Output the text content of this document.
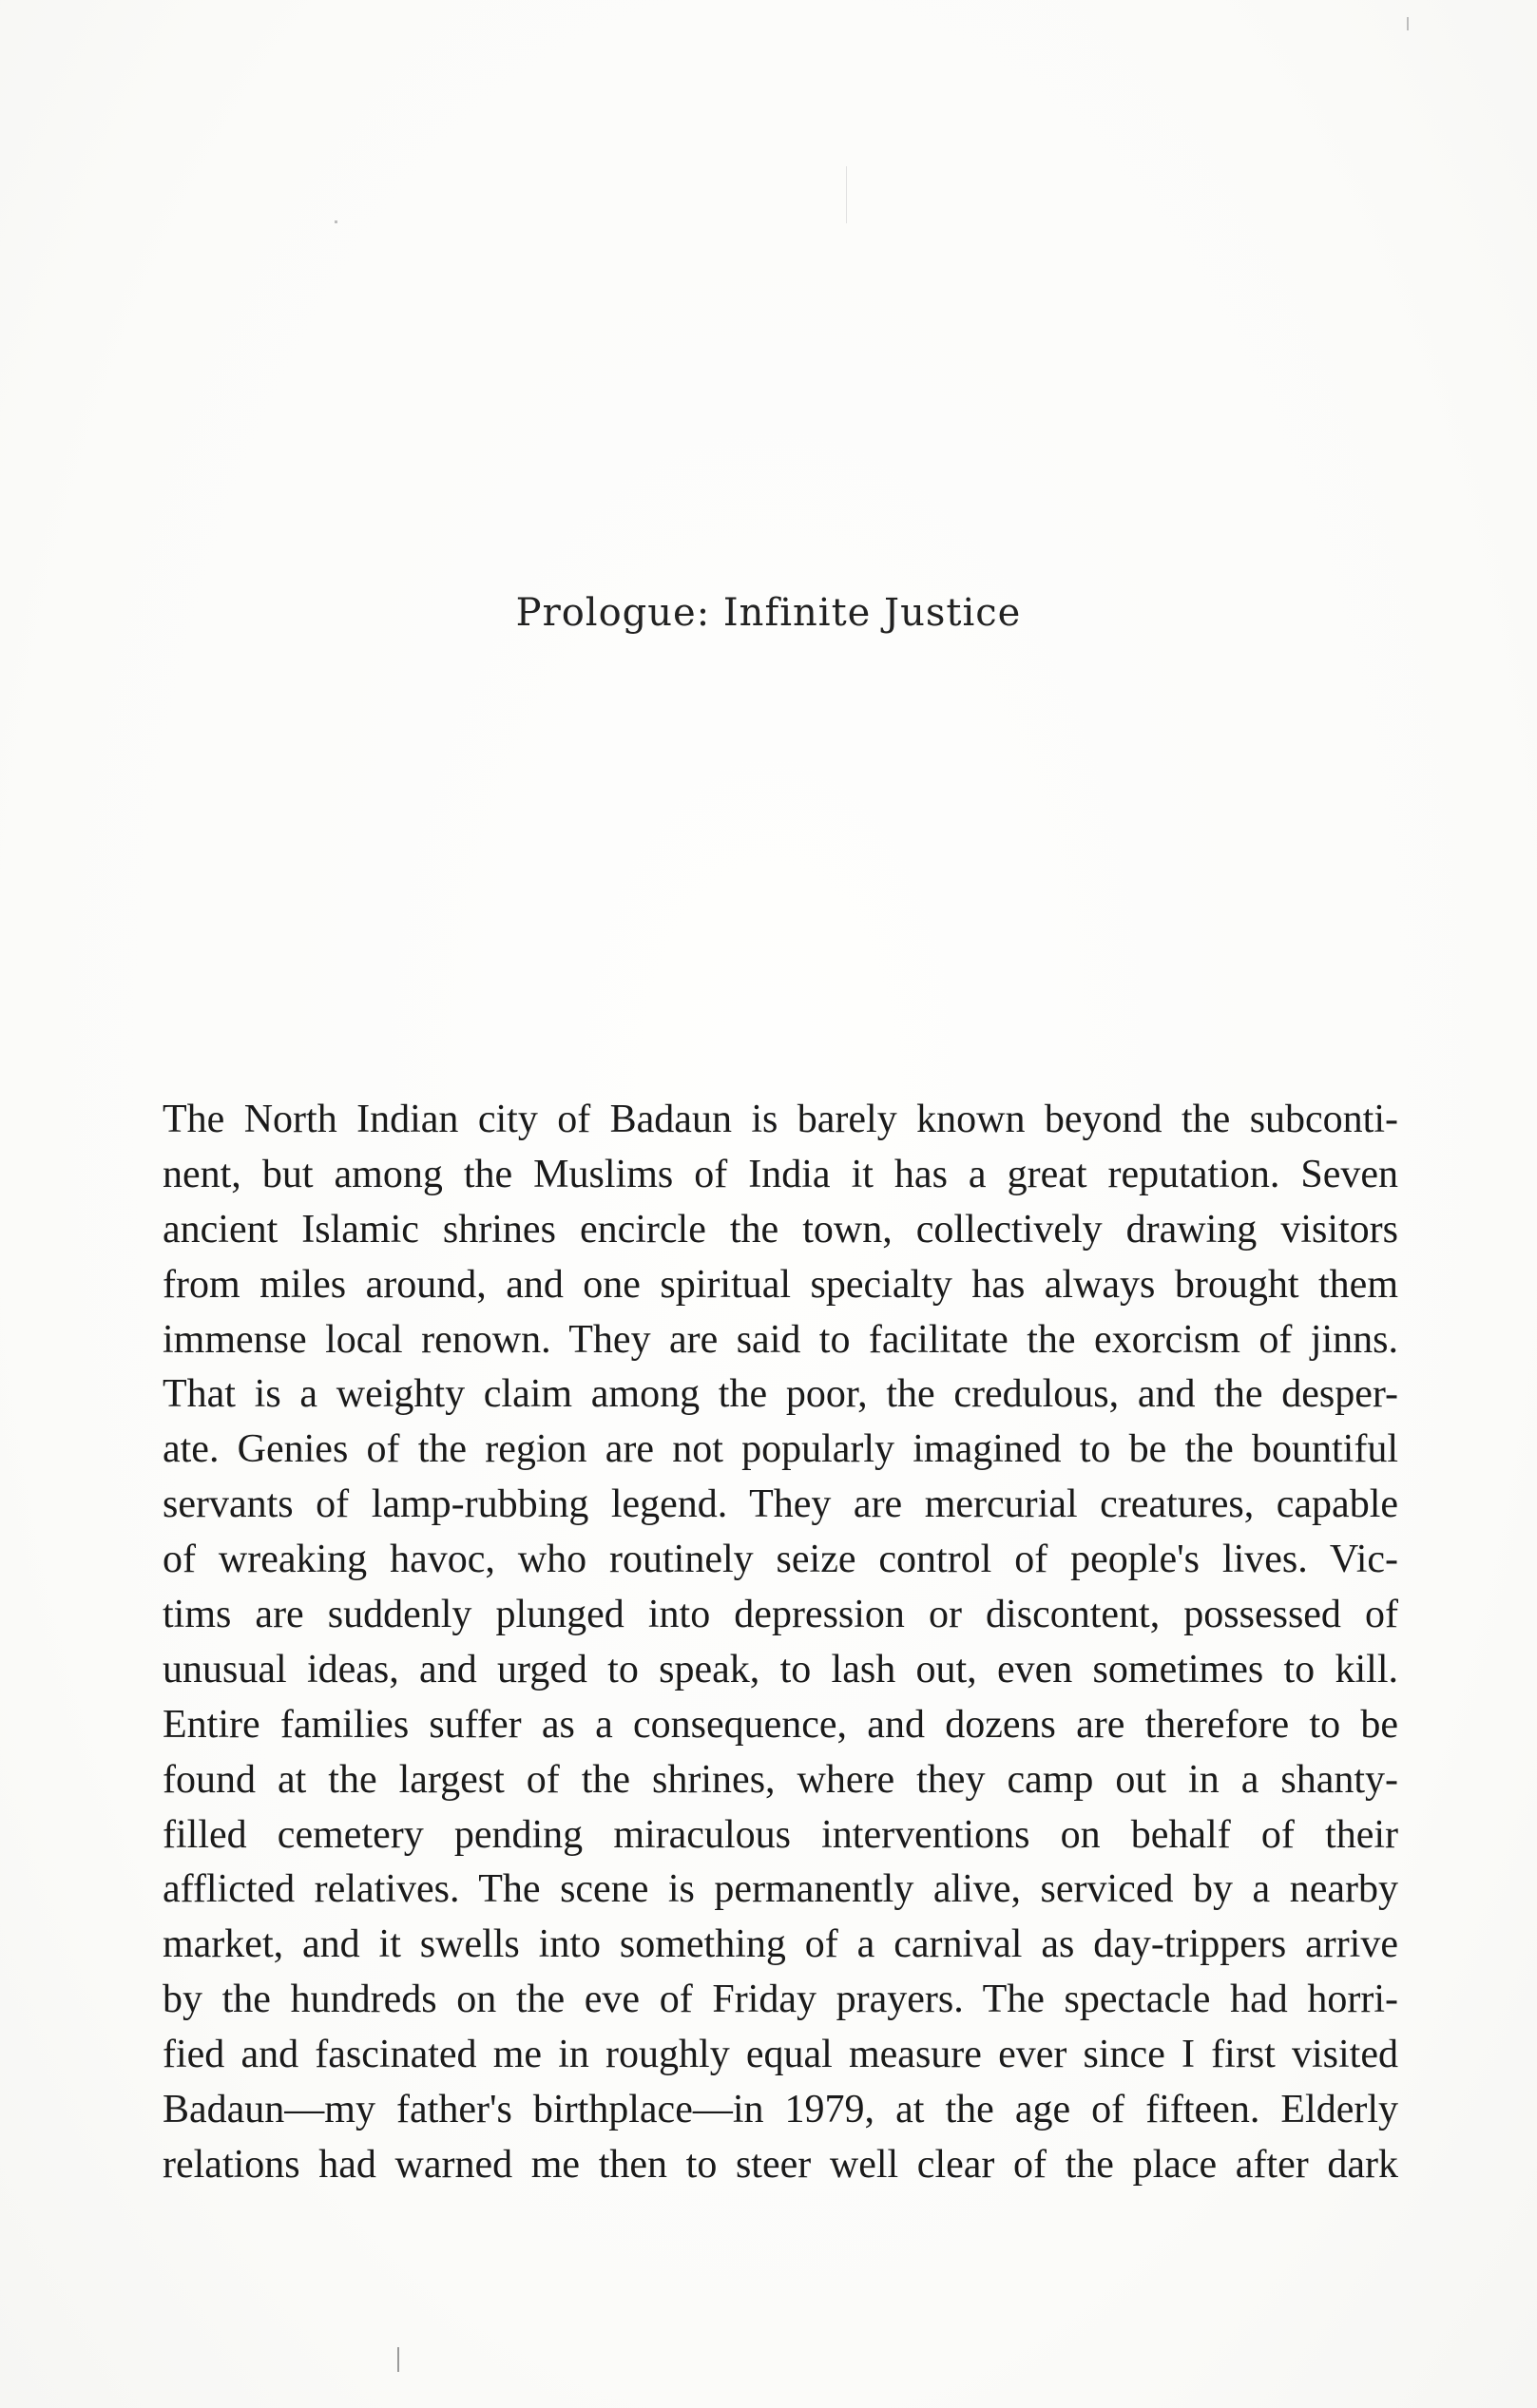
Prologue: Infinite Justice
The North Indian city of Badaun is barely known beyond the subconti-
nent, but among the Muslims of India it has a great reputation. Seven
ancient Islamic shrines encircle the town, collectively drawing visitors
from miles around, and one spiritual specialty has always brought them
immense local renown. They are said to facilitate the exorcism of jinns.
That is a weighty claim among the poor, the credulous, and the desper-
ate. Genies of the region are not popularly imagined to be the bountiful
servants of lamp-rubbing legend. They are mercurial creatures, capable
of wreaking havoc, who routinely seize control of people's lives. Vic-
tims are suddenly plunged into depression or discontent, possessed of
unusual ideas, and urged to speak, to lash out, even sometimes to kill.
Entire families suffer as a consequence, and dozens are therefore to be
found at the largest of the shrines, where they camp out in a shanty-
filled cemetery pending miraculous interventions on behalf of their
afflicted relatives. The scene is permanently alive, serviced by a nearby
market, and it swells into something of a carnival as day-trippers arrive
by the hundreds on the eve of Friday prayers. The spectacle had horri-
fied and fascinated me in roughly equal measure ever since I first visited
Badaun—my father's birthplace—in 1979, at the age of fifteen. Elderly
relations had warned me then to steer well clear of the place after dark
